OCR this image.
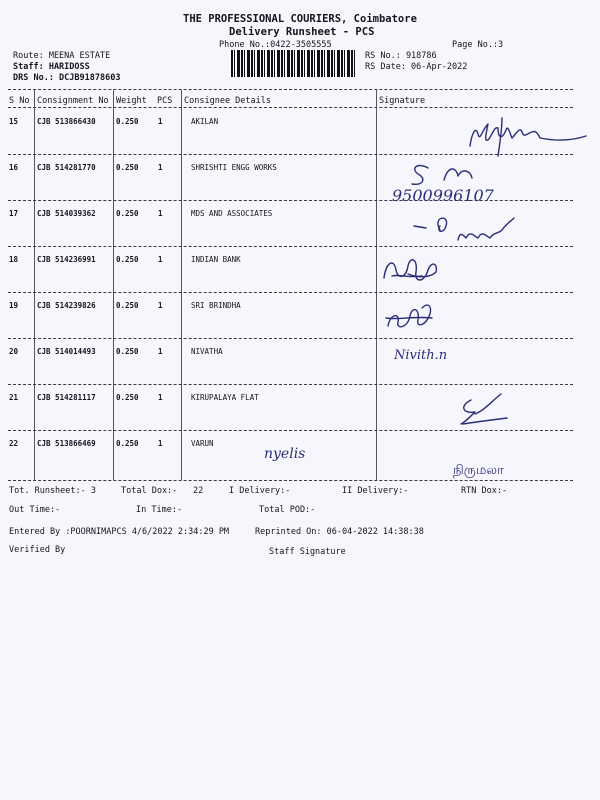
THE PROFESSIONAL COURIERS, Coimbatore
Delivery Runsheet - PCS
Phone No.:0422-3505555	Page No.:3
Route: MEENA ESTATE
Staff: HARIDOSS
DRS No.: DCJB91878603
RS No.: 918786
RS Date: 06-Apr-2022
S No Consignment No Weight PCS Consignee Details	Signature
15	CJB 513866430	0.250	1	AKILAN
16	CJB 514281770	0.250	1	SHRISHTI ENGG WORKS
17	CJB 514039362	0.250	1	MDS AND ASSOCIATES
18	CJB 514236991	0.250	1	INDIAN BANK
19	CJB 514239826	0.250	1	SRI BRINDHA
20	CJB 514014493	0.250	1	NIVATHA
21	CJB 514281117	0.250	1	KIRUPALAYA FLAT
22	CJB 513866469	0.250	1	VARUN
9500996107
Nivith.n
nyelis
நிருமலா
Tot. Runsheet:- 3	Total Dox:- 22	I Delivery:-	II Delivery:-	RTN Dox:-
Out Time:-	In Time:-	Total POD:-
Entered By :POORNIMAPCS 4/6/2022 2:34:29 PM	Reprinted On: 06-04-2022 14:38:38
Verified By	Staff Signature
